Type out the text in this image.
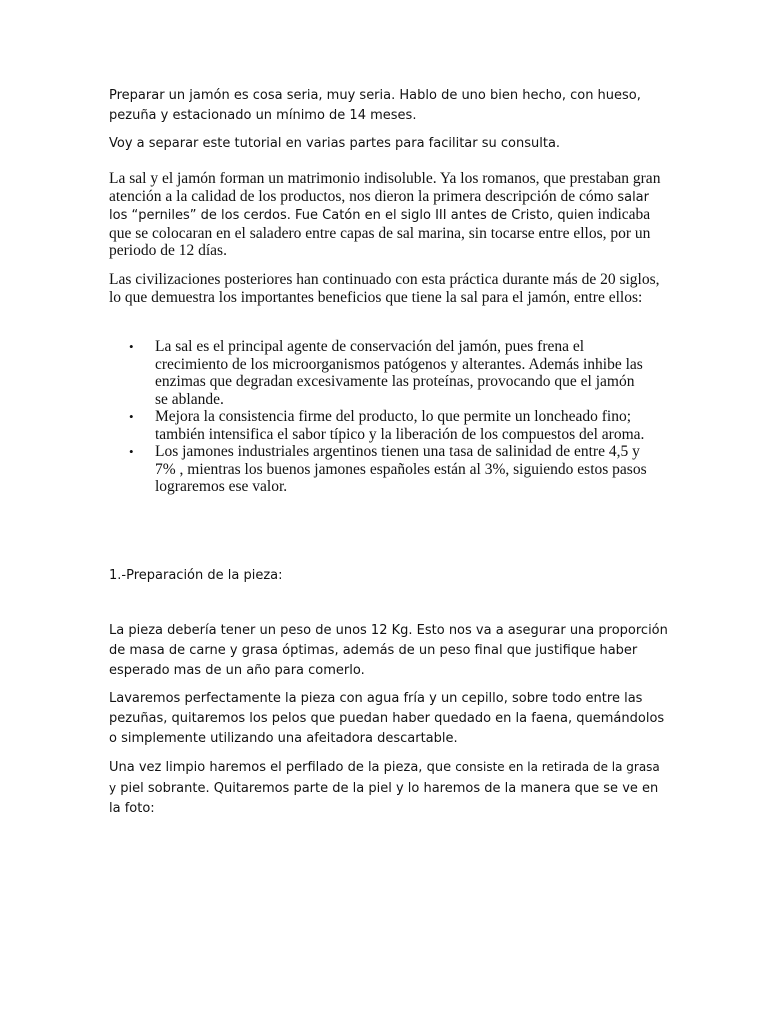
Preparar un jamón es cosa seria, muy seria. Hablo de uno bien hecho, con hueso, pezuña y estacionado un mínimo de 14 meses.

Voy a separar este tutorial en varias partes para facilitar su consulta.

La sal y el jamón forman un matrimonio indisoluble. Ya los romanos, que prestaban gran atención a la calidad de los productos, nos dieron la primera descripción de cómo salar los “perniles” de los cerdos. Fue Catón en el siglo III antes de Cristo, quien indicaba que se colocaran en el saladero entre capas de sal marina, sin tocarse entre ellos, por un periodo de 12 días.

Las civilizaciones posteriores han continuado con esta práctica durante más de 20 siglos, lo que demuestra los importantes beneficios que tiene la sal para el jamón, entre ellos:

• La sal es el principal agente de conservación del jamón, pues frena el crecimiento de los microorganismos patógenos y alterantes. Además inhibe las enzimas que degradan excesivamente las proteínas, provocando que el jamón se ablande.
• Mejora la consistencia firme del producto, lo que permite un loncheado fino; también intensifica el sabor típico y la liberación de los compuestos del aroma.
• Los jamones industriales argentinos tienen una tasa de salinidad de entre 4,5 y 7% , mientras los buenos jamones españoles están al 3%, siguiendo estos pasos lograremos ese valor.

1.-Preparación de la pieza:

La pieza debería tener un peso de unos 12 Kg. Esto nos va a asegurar una proporción de masa de carne y grasa óptimas, además de un peso final que justifique haber esperado mas de un año para comerlo.

Lavaremos perfectamente la pieza con agua fría y un cepillo, sobre todo entre las pezuñas, quitaremos los pelos que puedan haber quedado en la faena, quemándolos o simplemente utilizando una afeitadora descartable.

Una vez limpio haremos el perfilado de la pieza, que consiste en la retirada de la grasa y piel sobrante. Quitaremos parte de la piel y lo haremos de la manera que se ve en la foto:
